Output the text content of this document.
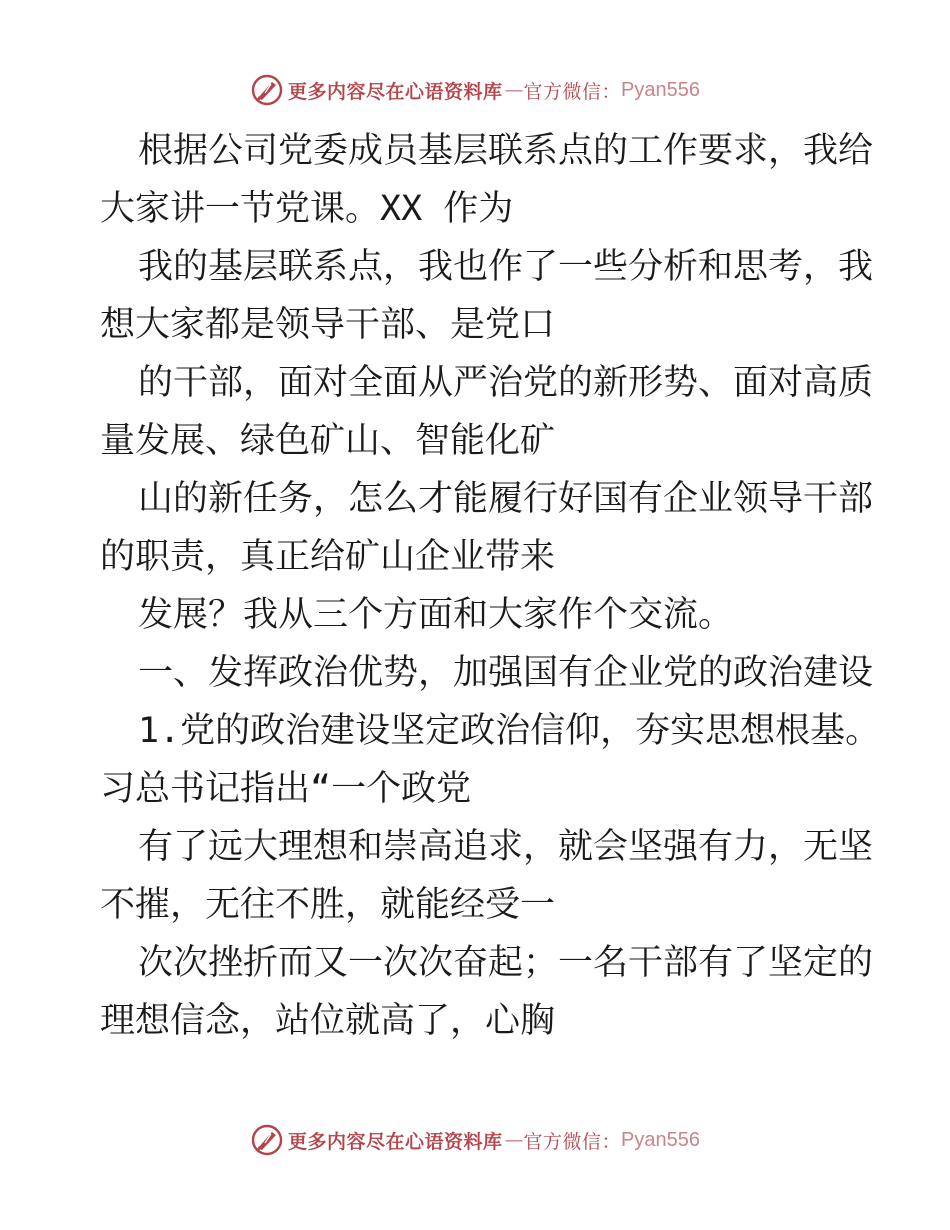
更多内容尽在心语资料库 — 官方微信： Pyan556
根据公司党委成员基层联系点的工作要求，我给
大家讲一节党课。XX 作为
我的基层联系点，我也作了一些分析和思考，我
想大家都是领导干部、是党口
的干部，面对全面从严治党的新形势、面对高质
量发展、绿色矿山、智能化矿
山的新任务，怎么才能履行好国有企业领导干部
的职责，真正给矿山企业带来
发展？我从三个方面和大家作个交流。
一、发挥政治优势，加强国有企业党的政治建设
1.党的政治建设坚定政治信仰，夯实思想根基。
习总书记指出“一个政党
有了远大理想和崇高追求，就会坚强有力，无坚
不摧，无往不胜，就能经受一
次次挫折而又一次次奋起；一名干部有了坚定的
理想信念，站位就高了，心胸
更多内容尽在心语资料库 — 官方微信： Pyan556
